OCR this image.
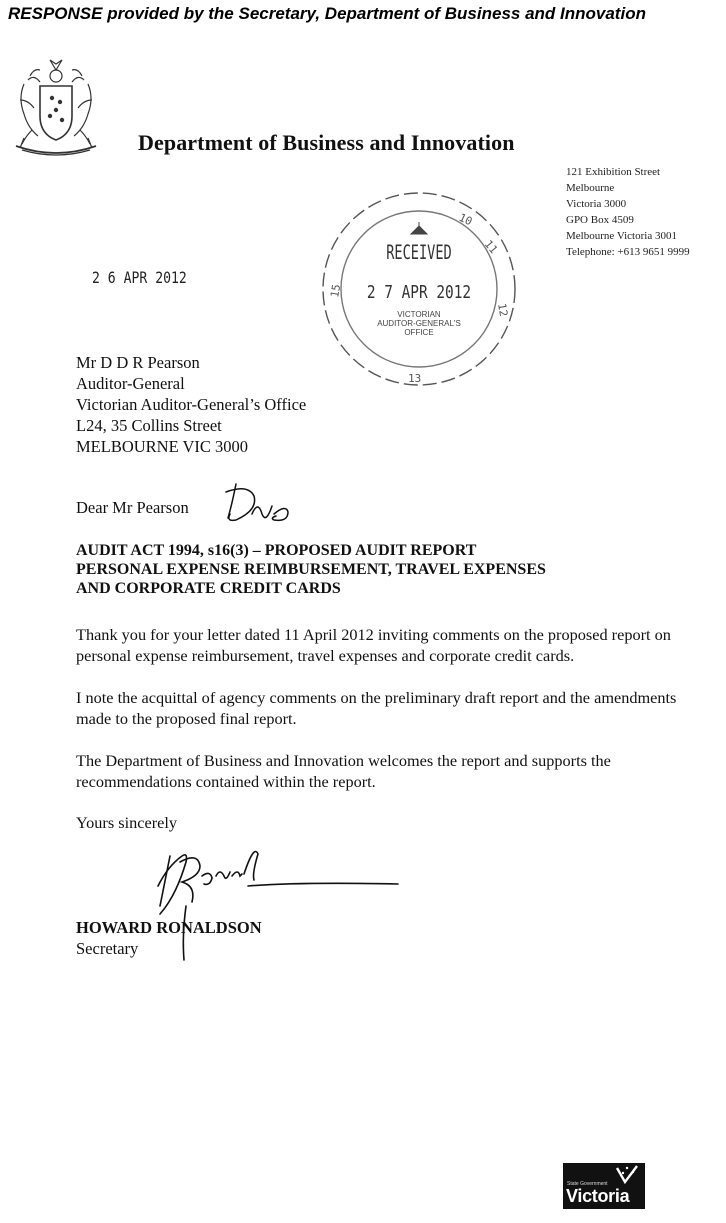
RESPONSE provided by the Secretary, Department of Business and Innovation
Department of Business and Innovation
121 Exhibition Street
Melbourne
Victoria 3000
GPO Box 4509
Melbourne Victoria 3001
Telephone: +613 9651 9999
2 6 APR 2012
12
15
11
10
13
RECEIVED
2 7 APR 2012
VICTORIAN
AUDITOR-GENERAL'S
OFFICE
Mr D D R Pearson
Auditor-General
Victorian Auditor-General’s Office
L24, 35 Collins Street
MELBOURNE VIC 3000
Dear Mr Pearson
AUDIT ACT 1994, s16(3) – PROPOSED AUDIT REPORT
PERSONAL EXPENSE REIMBURSEMENT, TRAVEL EXPENSES
AND CORPORATE CREDIT CARDS
Thank you for your letter dated 11 April 2012 inviting comments on the proposed report on personal expense reimbursement, travel expenses and corporate credit cards.
I note the acquittal of agency comments on the preliminary draft report and the amendments made to the proposed final report.
The Department of Business and Innovation welcomes the report and supports the recommendations contained within the report.
Yours sincerely
HOWARD RONALDSON
Secretary
State Government
Victoria
